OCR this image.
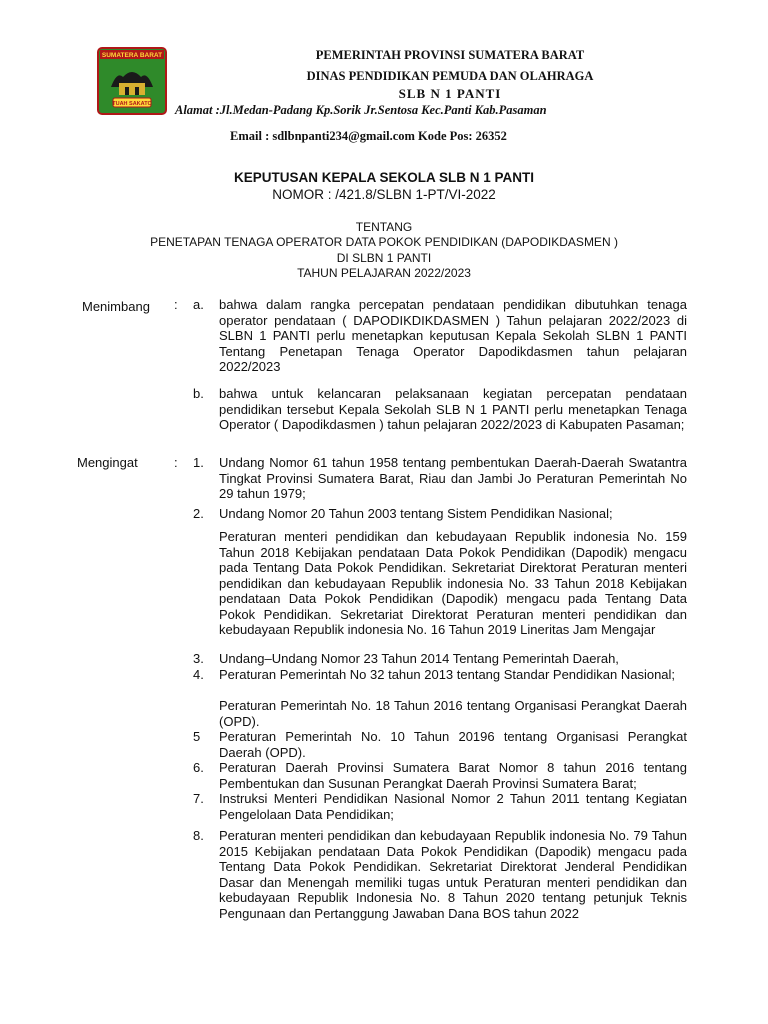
SUMATERA BARAT
TUAH SAKATO
PEMERINTAH PROVINSI SUMATERA BARAT
DINAS PENDIDIKAN PEMUDA DAN OLAHRAGA
SLB N 1 PANTI
Alamat :Jl.Medan-Padang Kp.Sorik Jr.Sentosa Kec.Panti Kab.Pasaman
Email : sdlbnpanti234@gmail.com Kode Pos: 26352
KEPUTUSAN KEPALA SEKOLA SLB N 1 PANTI
NOMOR : /421.8/SLBN 1-PT/VI-2022
TENTANG
PENETAPAN TENAGA OPERATOR DATA POKOK PENDIDIKAN (DAPODIKDASMEN )
DI SLBN 1 PANTI
TAHUN PELAJARAN 2022/2023
Menimbang : a. bahwa dalam rangka percepatan pendataan pendidikan dibutuhkan tenaga operator pendataan ( DAPODIKDIKDASMEN ) Tahun pelajaran 2022/2023 di SLBN 1 PANTI perlu menetapkan keputusan Kepala Sekolah SLBN 1 PANTI Tentang Penetapan Tenaga Operator Dapodikdasmen tahun pelajaran 2022/2023
b. bahwa untuk kelancaran pelaksanaan kegiatan percepatan pendataan pendidikan tersebut Kepala Sekolah SLB N 1 PANTI perlu menetapkan Tenaga Operator ( Dapodikdasmen ) tahun pelajaran 2022/2023 di Kabupaten Pasaman;
Mengingat	: 1. Undang Nomor 61 tahun 1958 tentang pembentukan Daerah-Daerah Swatantra Tingkat Provinsi Sumatera Barat, Riau dan Jambi Jo Peraturan Pemerintah No 29 tahun 1979;
2. Undang Nomor 20 Tahun 2003 tentang Sistem Pendidikan Nasional;
Peraturan menteri pendidikan dan kebudayaan Republik indonesia No. 159 Tahun 2018 Kebijakan pendataan Data Pokok Pendidikan (Dapodik) mengacu pada Tentang Data Pokok Pendidikan. Sekretariat Direktorat Peraturan menteri pendidikan dan kebudayaan Republik indonesia No. 33 Tahun 2018 Kebijakan pendataan Data Pokok Pendidikan (Dapodik) mengacu pada Tentang Data Pokok Pendidikan. Sekretariat Direktorat Peraturan menteri pendidikan dan kebudayaan Republik indonesia No. 16 Tahun 2019 Lineritas Jam Mengajar
3. Undang–Undang Nomor 23 Tahun 2014 Tentang Pemerintah Daerah,
4. Peraturan Pemerintah No 32 tahun 2013 tentang Standar Pendidikan Nasional;
Peraturan Pemerintah No. 18 Tahun 2016 tentang Organisasi Perangkat Daerah (OPD).
5 Peraturan Pemerintah No. 10 Tahun 20196 tentang Organisasi Perangkat Daerah (OPD).
6. Peraturan Daerah Provinsi Sumatera Barat Nomor 8 tahun 2016 tentang Pembentukan dan Susunan Perangkat Daerah Provinsi Sumatera Barat;
7. Instruksi Menteri Pendidikan Nasional Nomor 2 Tahun 2011 tentang Kegiatan Pengelolaan Data Pendidikan;
8. Peraturan menteri pendidikan dan kebudayaan Republik indonesia No. 79 Tahun 2015 Kebijakan pendataan Data Pokok Pendidikan (Dapodik) mengacu pada Tentang Data Pokok Pendidikan. Sekretariat Direktorat Jenderal Pendidikan Dasar dan Menengah memiliki tugas untuk Peraturan menteri pendidikan dan kebudayaan Republik Indonesia No. 8 Tahun 2020 tentang petunjuk Teknis Pengunaan dan Pertanggung Jawaban Dana BOS tahun 2022
